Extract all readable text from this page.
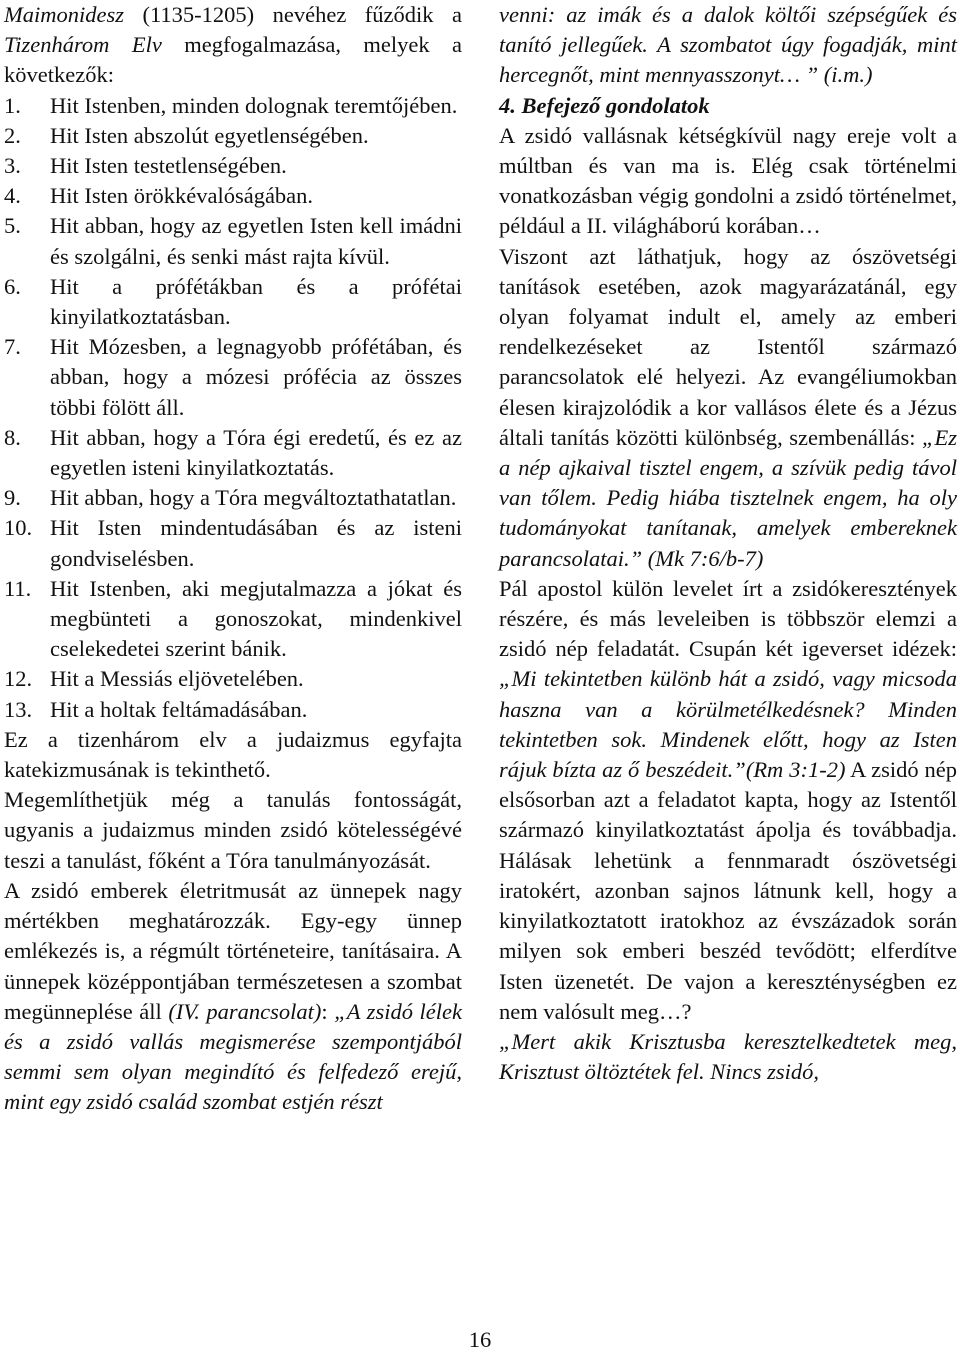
Maimonidesz (1135-1205) nevéhez fűződik a Tizenhárom Elv megfogalmazása, melyek a következők:

1. Hit Istenben, minden dolognak teremtőjében.
2. Hit Isten abszolút egyetlenségében.
3. Hit Isten testetlenségében.
4. Hit Isten örökkévalóságában.
5. Hit abban, hogy az egyetlen Isten kell imádni és szolgálni, és senki mást rajta kívül.
6. Hit a prófétákban és a prófétai kinyilatkoztatásban.
7. Hit Mózesben, a legnagyobb prófétában, és abban, hogy a mózesi prófécia az összes többi fölött áll.
8. Hit abban, hogy a Tóra égi eredetű, és ez az egyetlen isteni kinyilatkoztatás.
9. Hit abban, hogy a Tóra megváltoztathatatlan.
10. Hit Isten mindentudásában és az isteni gondviselésben.
11. Hit Istenben, aki megjutalmazza a jókat és megbünteti a gonoszokat, mindenkivel cselekedetei szerint bánik.
12. Hit a Messiás eljövetelében.
13. Hit a holtak feltámadásában.

Ez a tizenhárom elv a judaizmus egyfajta katekizmusának is tekinthető.

Megemlíthetjük még a tanulás fontosságát, ugyanis a judaizmus minden zsidó kötelességévé teszi a tanulást, főként a Tóra tanulmányozását.

A zsidó emberek életritmusát az ünnepek nagy mértékben meghatározzák. Egy-egy ünnep emlékezés is, a régmúlt történeteire, tanításaira. A ünnepek középpontjában természetesen a szombat megünneplése áll (IV. parancsolat): „A zsidó lélek és a zsidó vallás megismerése szempontjából semmi sem olyan megindító és felfedező erejű, mint egy zsidó család szombat estjén részt

venni: az imák és a dalok költői szépségűek és tanító jellegűek. A szombatot úgy fogadják, mint hercegnőt, mint mennyasszonyt… ” (i.m.)

4. Befejező gondolatok

A zsidó vallásnak kétségkívül nagy ereje volt a múltban és van ma is. Elég csak történelmi vonatkozásban végig gondolni a zsidó történelmet, például a II. világháború korában…

Viszont azt láthatjuk, hogy az ószövetségi tanítások esetében, azok magyarázatánál, egy olyan folyamat indult el, amely az emberi rendelkezéseket az Istentől származó parancsolatok elé helyezi. Az evangéliumokban élesen kirajzolódik a kor vallásos élete és a Jézus általi tanítás közötti különbség, szembenállás: „Ez a nép ajkaival tisztel engem, a szívük pedig távol van tőlem. Pedig hiába tisztelnek engem, ha oly tudományokat tanítanak, amelyek embereknek parancsolatai.” (Mk 7:6/b-7)

Pál apostol külön levelet írt a zsidókeresztények részére, és más leveleiben is többször elemzi a zsidó nép feladatát. Csupán két igeverset idézek: „Mi tekintetben különb hát a zsidó, vagy micsoda haszna van a körülmetélkedésnek? Minden tekintetben sok. Mindenek előtt, hogy az Isten rájuk bízta az ő beszédeit.”(Rm 3:1-2) A zsidó nép elsősorban azt a feladatot kapta, hogy az Istentől származó kinyilatkoztatást ápolja és továbbadja. Hálásak lehetünk a fennmaradt ószövetségi iratokért, azonban sajnos látnunk kell, hogy a kinyilatkoztatott iratokhoz az évszázadok során milyen sok emberi beszéd tevődött; elferdítve Isten üzenetét. De vajon a kereszténységben ez nem valósult meg…?

„Mert akik Krisztusba keresztelkedtetek meg, Krisztust öltöztétek fel. Nincs zsidó,

16
